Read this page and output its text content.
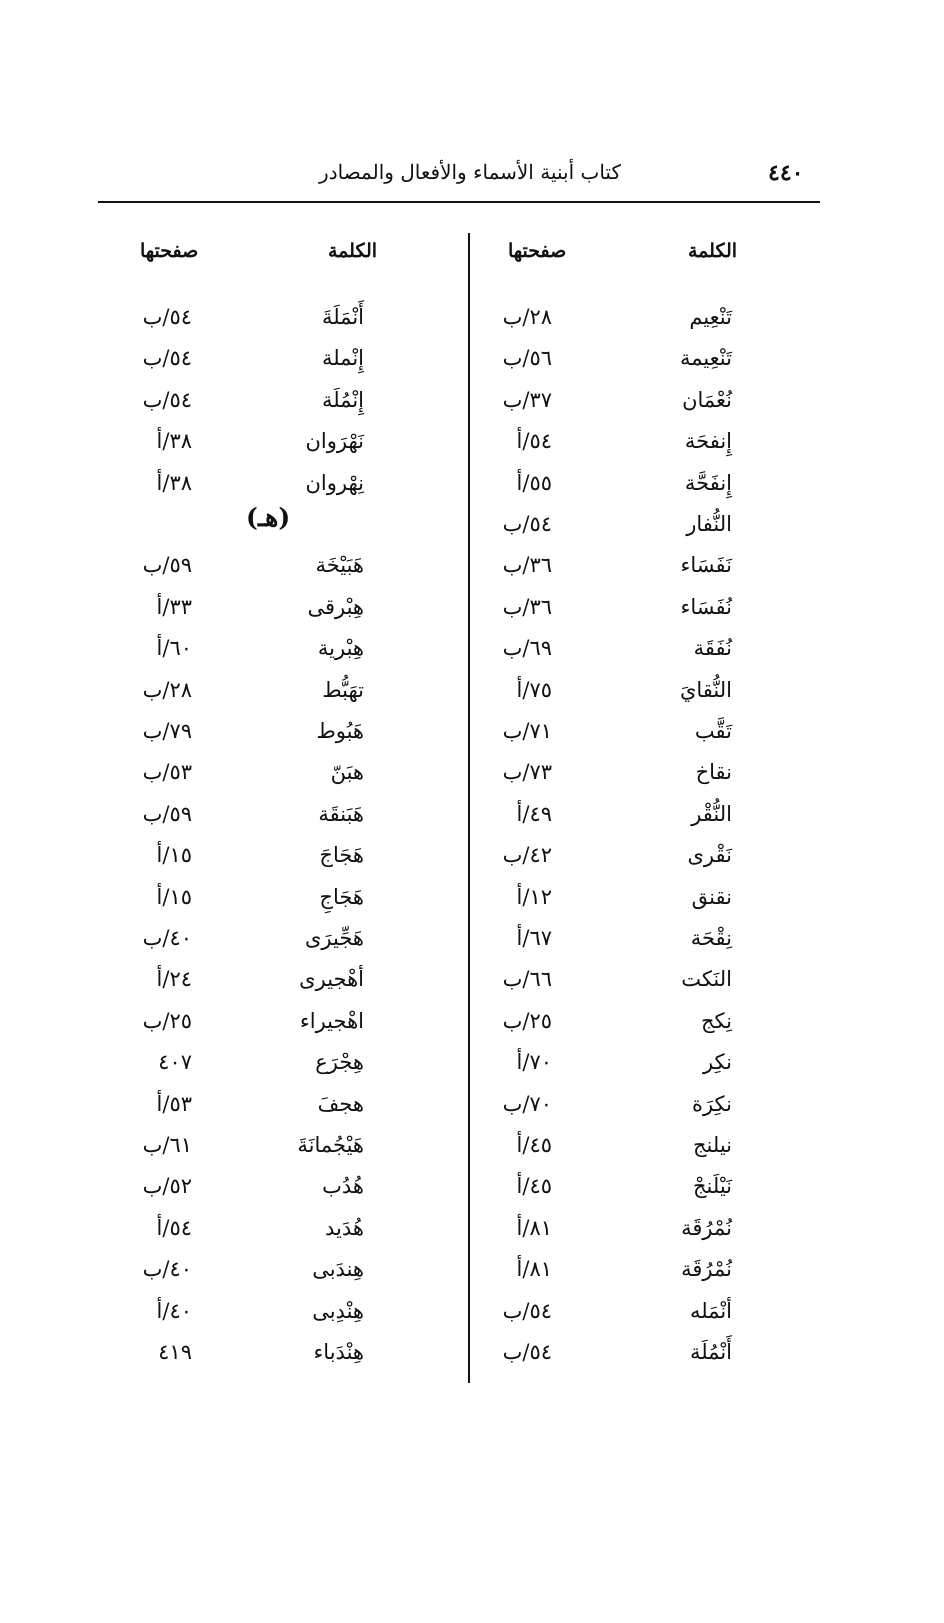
٤٤٠
كتاب أبنية الأسماء والأفعال والمصادر
الكلمة
صفحتها
الكلمة
صفحتها
تَنْعِيم
٢٨/ب
تَنْعِيمة
٥٦/ب
نُعْمَان
٣٧/ب
إِنفحَة
٥٤/أ
إِنفَحَّة
٥٥/أ
النُّفار
٥٤/ب
نَفَسَاء
٣٦/ب
نُفَسَاء
٣٦/ب
نُفَقَة
٦٩/ب
النُّقايَ
٧٥/أ
تَقَّب
٧١/ب
نقاخ
٧٣/ب
النُّقْر
٤٩/أ
نَقْرى
٤٢/ب
نقنق
١٢/أ
نِقْحَة
٦٧/أ
النَكت
٦٦/ب
نِكج
٢٥/ب
نكِر
٧٠/أ
نكِرَة
٧٠/ب
نيلنج
٤٥/أ
نَيْلَنجْ
٤٥/أ
نُمْرُقَة
٨١/أ
نُمْرُقَة
٨١/أ
أنْمَله
٥٤/ب
أَنْمُلَة
٥٤/ب
أَنْمَلَةَ
٥٤/ب
إِنْملة
٥٤/ب
إِنْمُلَة
٥٤/ب
نَهْرَوان
٣٨/أ
نِهْروان
٣٨/أ
هَبَيْخَة
٥٩/ب
هِبْرقى
٣٣/أ
هِبْرية
٦٠/أ
تهَبُّط
٢٨/ب
هَبُوط
٧٩/ب
هبَنّ
٥٣/ب
هَبَنقَة
٥٩/ب
هَجَاجَ
١٥/أ
هَجَاجِ
١٥/أ
هَجِّيرَى
٤٠/ب
أهْجيرى
٢٤/أ
اهْجيراء
٢٥/ب
هِجْرَع
٤٠٧
هجفَ
٥٣/أ
هَيْجُمانَةَ
٦١/ب
هُدُب
٥٢/ب
هُدَيد
٥٤/أ
هِندَبى
٤٠/ب
هِنْدِبى
٤٠/أ
هِنْدَباء
٤١٩
(هـ)
